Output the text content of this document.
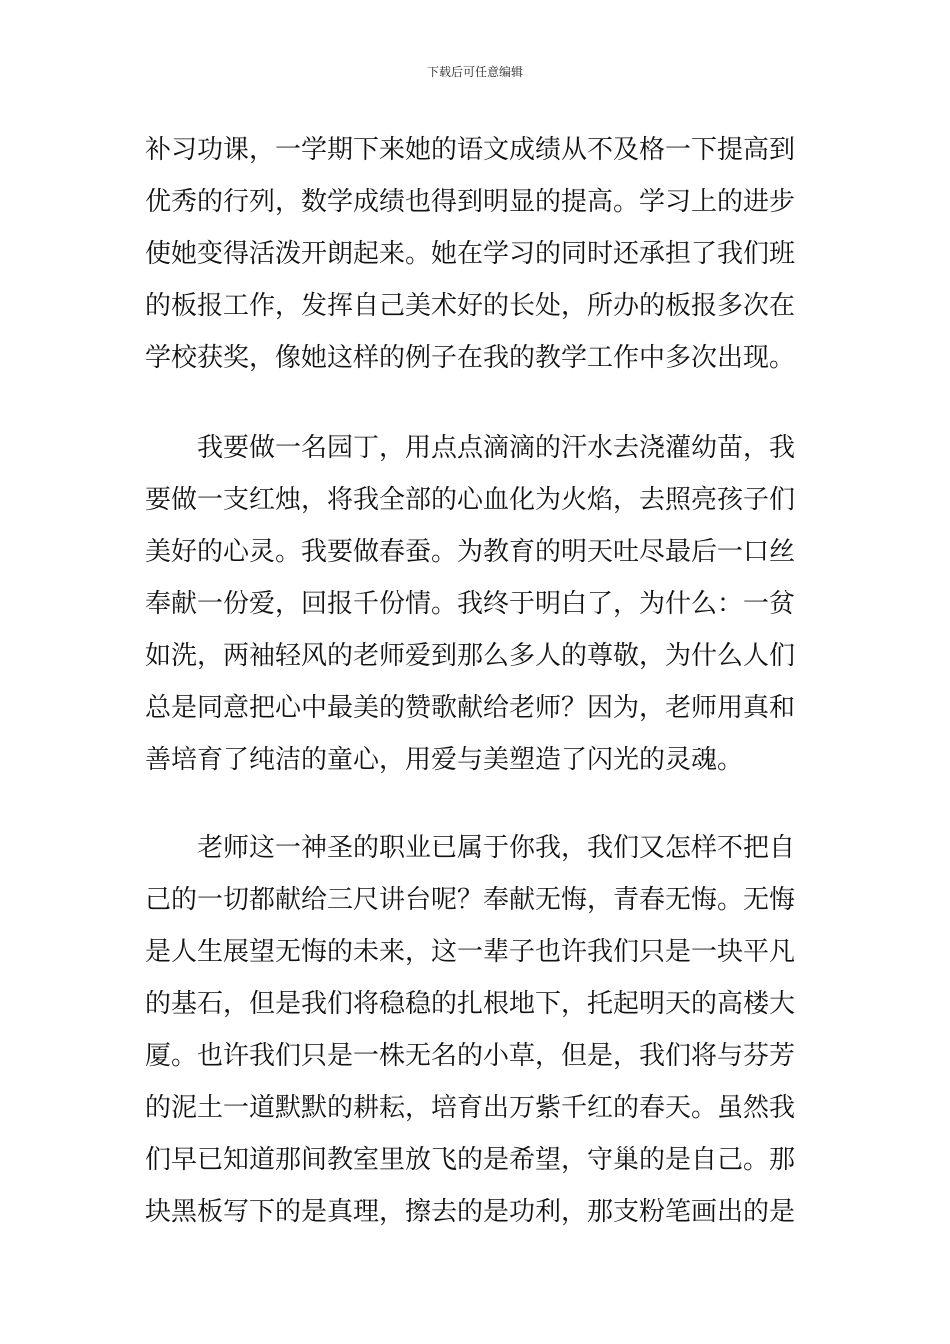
下载后可任意编辑
补习功课，一学期下来她的语文成绩从不及格一下提高到
优秀的行列，数学成绩也得到明显的提高。学习上的进步
使她变得活泼开朗起来。她在学习的同时还承担了我们班
的板报工作，发挥自己美术好的长处，所办的板报多次在
学校获奖，像她这样的例子在我的教学工作中多次出现。
我要做一名园丁，用点点滴滴的汗水去浇灌幼苗，我
要做一支红烛，将我全部的心血化为火焰，去照亮孩子们
美好的心灵。我要做春蚕。为教育的明天吐尽最后一口丝
奉献一份爱，回报千份情。我终于明白了，为什么：一贫
如洗，两袖轻风的老师爱到那么多人的尊敬，为什么人们
总是同意把心中最美的赞歌献给老师？因为，老师用真和
善培育了纯洁的童心，用爱与美塑造了闪光的灵魂。
老师这一神圣的职业已属于你我，我们又怎样不把自
己的一切都献给三尺讲台呢？奉献无悔，青春无悔。无悔
是人生展望无悔的未来，这一辈子也许我们只是一块平凡
的基石，但是我们将稳稳的扎根地下，托起明天的高楼大
厦。也许我们只是一株无名的小草，但是，我们将与芬芳
的泥土一道默默的耕耘，培育出万紫千红的春天。虽然我
们早已知道那间教室里放飞的是希望，守巢的是自己。那
块黑板写下的是真理，擦去的是功利，那支粉笔画出的是
